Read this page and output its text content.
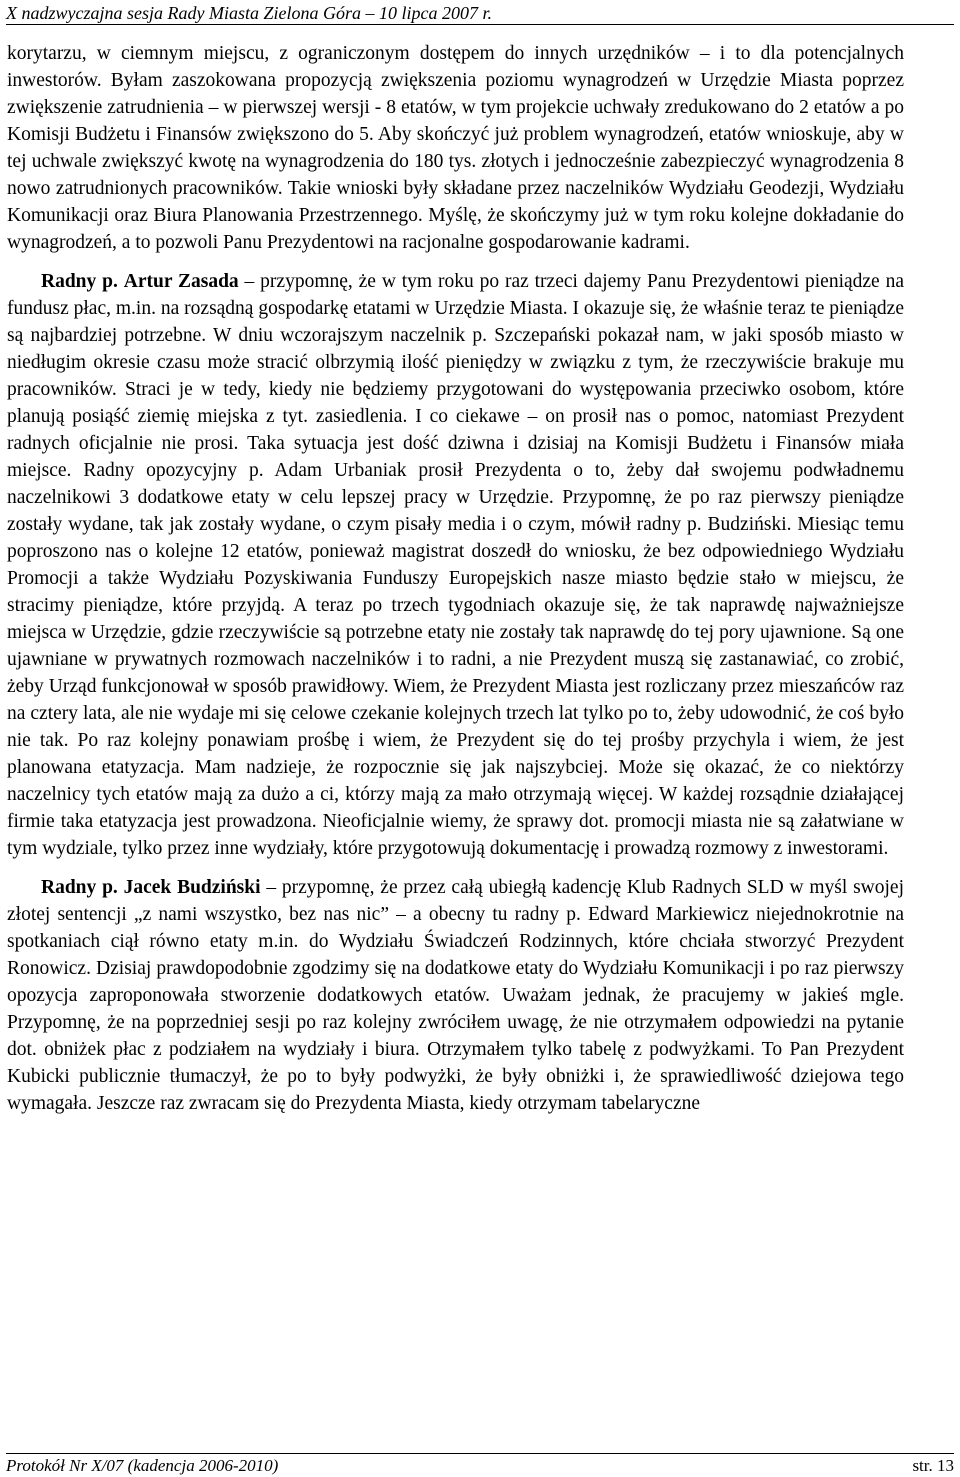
X nadzwyczajna sesja Rady Miasta Zielona Góra – 10 lipca 2007 r.

korytarzu, w ciemnym miejscu, z ograniczonym dostępem do innych urzędników – i to dla potencjalnych inwestorów. Byłam zaszokowana propozycją zwiększenia poziomu wynagrodzeń w Urzędzie Miasta poprzez zwiększenie zatrudnienia – w pierwszej wersji - 8 etatów, w tym projekcie uchwały zredukowano do 2 etatów a po Komisji Budżetu i Finansów zwiększono do 5. Aby skończyć już problem wynagrodzeń, etatów wnioskuje, aby w tej uchwale zwiększyć kwotę na wynagrodzenia do 180 tys. złotych i jednocześnie zabezpieczyć wynagrodzenia 8 nowo zatrudnionych pracowników. Takie wnioski były składane przez naczelników Wydziału Geodezji, Wydziału Komunikacji oraz Biura Planowania Przestrzennego. Myślę, że skończymy już w tym roku kolejne dokładanie do wynagrodzeń, a to pozwoli Panu Prezydentowi na racjonalne gospodarowanie kadrami.

Radny p. Artur Zasada – przypomnę, że w tym roku po raz trzeci dajemy Panu Prezydentowi pieniądze na fundusz płac, m.in. na rozsądną gospodarkę etatami w Urzędzie Miasta. I okazuje się, że właśnie teraz te pieniądze są najbardziej potrzebne. W dniu wczorajszym naczelnik p. Szczepański pokazał nam, w jaki sposób miasto w niedługim okresie czasu może stracić olbrzymią ilość pieniędzy w związku z tym, że rzeczywiście brakuje mu pracowników. Straci je w tedy, kiedy nie będziemy przygotowani do występowania przeciwko osobom, które planują posiąść ziemię miejska z tyt. zasiedlenia. I co ciekawe – on prosił nas o pomoc, natomiast Prezydent radnych oficjalnie nie prosi. Taka sytuacja jest dość dziwna i dzisiaj na Komisji Budżetu i Finansów miała miejsce. Radny opozycyjny p. Adam Urbaniak prosił Prezydenta o to, żeby dał swojemu podwładnemu naczelnikowi 3 dodatkowe etaty w celu lepszej pracy w Urzędzie. Przypomnę, że po raz pierwszy pieniądze zostały wydane, tak jak zostały wydane, o czym pisały media i o czym, mówił radny p. Budziński. Miesiąc temu poproszono nas o kolejne 12 etatów, ponieważ magistrat doszedł do wniosku, że bez odpowiedniego Wydziału Promocji a także Wydziału Pozyskiwania Funduszy Europejskich nasze miasto będzie stało w miejscu, że stracimy pieniądze, które przyjdą. A teraz po trzech tygodniach okazuje się, że tak naprawdę najważniejsze miejsca w Urzędzie, gdzie rzeczywiście są potrzebne etaty nie zostały tak naprawdę do tej pory ujawnione. Są one ujawniane w prywatnych rozmowach naczelników i to radni, a nie Prezydent muszą się zastanawiać, co zrobić, żeby Urząd funkcjonował w sposób prawidłowy. Wiem, że Prezydent Miasta jest rozliczany przez mieszańców raz na cztery lata, ale nie wydaje mi się celowe czekanie kolejnych trzech lat tylko po to, żeby udowodnić, że coś było nie tak. Po raz kolejny ponawiam prośbę i wiem, że Prezydent się do tej prośby przychyla i wiem, że jest planowana etatyzacja. Mam nadzieje, że rozpocznie się jak najszybciej. Może się okazać, że co niektórzy naczelnicy tych etatów mają za dużo a ci, którzy mają za mało otrzymają więcej. W każdej rozsądnie działającej firmie taka etatyzacja jest prowadzona. Nieoficjalnie wiemy, że sprawy dot. promocji miasta nie są załatwiane w tym wydziale, tylko przez inne wydziały, które przygotowują dokumentację i prowadzą rozmowy z inwestorami.

Radny p. Jacek Budziński – przypomnę, że przez całą ubiegłą kadencję Klub Radnych SLD w myśl swojej złotej sentencji „z nami wszystko, bez nas nic” – a obecny tu radny p. Edward Markiewicz niejednokrotnie na spotkaniach ciął równo etaty m.in. do Wydziału Świadczeń Rodzinnych, które chciała stworzyć Prezydent Ronowicz. Dzisiaj prawdopodobnie zgodzimy się na dodatkowe etaty do Wydziału Komunikacji i po raz pierwszy opozycja zaproponowała stworzenie dodatkowych etatów. Uważam jednak, że pracujemy w jakieś mgle. Przypomnę, że na poprzedniej sesji po raz kolejny zwróciłem uwagę, że nie otrzymałem odpowiedzi na pytanie dot. obniżek płac z podziałem na wydziały i biura. Otrzymałem tylko tabelę z podwyżkami. To Pan Prezydent Kubicki publicznie tłumaczył, że po to były podwyżki, że były obniżki i, że sprawiedliwość dziejowa tego wymagała. Jeszcze raz zwracam się do Prezydenta Miasta, kiedy otrzymam tabelaryczne

Protokół Nr X/07 (kadencja 2006-2010)	str. 13
